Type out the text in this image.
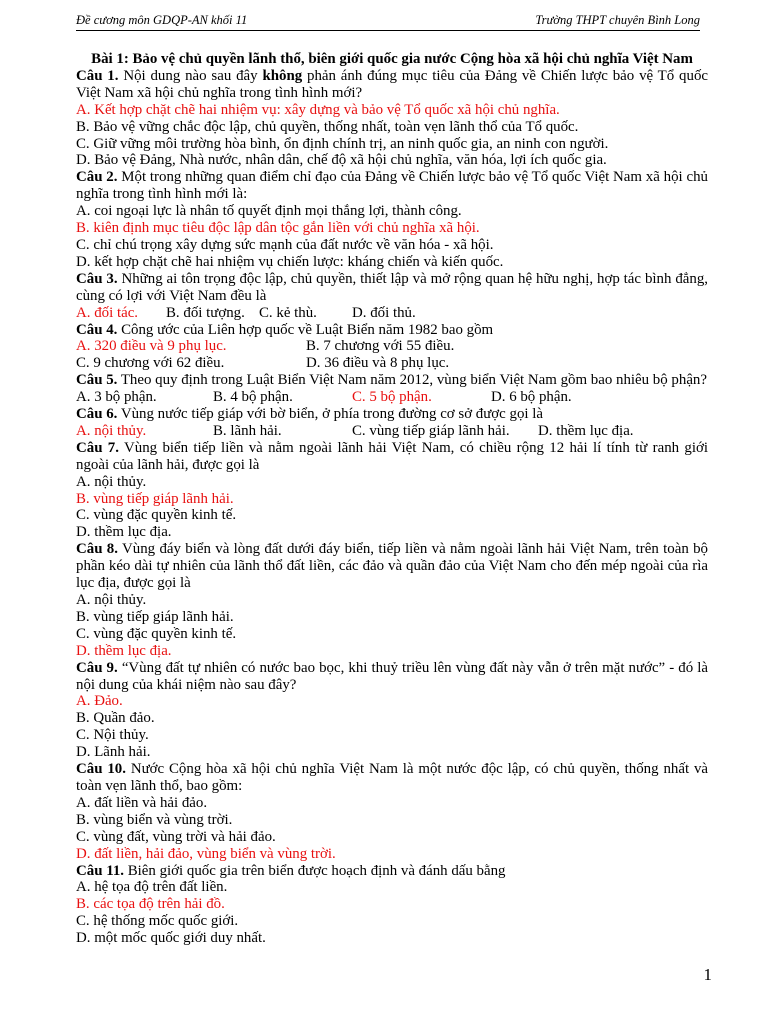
Đề cương môn GDQP-AN khối 11	Trường THPT chuyên Bình Long
Bài 1: Bảo vệ chủ quyền lãnh thổ, biên giới quốc gia nước Cộng hòa xã hội chủ nghĩa Việt Nam
Câu 1. Nội dung nào sau đây không phản ánh đúng mục tiêu của Đảng về Chiến lược bảo vệ Tổ quốc Việt Nam xã hội chủ nghĩa trong tình hình mới?
A. Kết hợp chặt chẽ hai nhiệm vụ: xây dựng và bảo vệ Tổ quốc xã hội chủ nghĩa.
B. Bảo vệ vững chắc độc lập, chủ quyền, thống nhất, toàn vẹn lãnh thổ của Tổ quốc.
C. Giữ vững môi trường hòa bình, ổn định chính trị, an ninh quốc gia, an ninh con người.
D. Bảo vệ Đảng, Nhà nước, nhân dân, chế độ xã hội chủ nghĩa, văn hóa, lợi ích quốc gia.
Câu 2. Một trong những quan điểm chỉ đạo của Đảng về Chiến lược bảo vệ Tổ quốc Việt Nam xã hội chủ nghĩa trong tình hình mới là:
A. coi ngoại lực là nhân tố quyết định mọi thắng lợi, thành công.
B. kiên định mục tiêu độc lập dân tộc gắn liền với chủ nghĩa xã hội.
C. chỉ chú trọng xây dựng sức mạnh của đất nước về văn hóa - xã hội.
D. kết hợp chặt chẽ hai nhiệm vụ chiến lược: kháng chiến và kiến quốc.
Câu 3. Những ai tôn trọng độc lập, chủ quyền, thiết lập và mở rộng quan hệ hữu nghị, hợp tác bình đẳng, cùng có lợi với Việt Nam đều là
A. đối tác.	B. đối tượng. C. kẻ thù.	D. đối thủ.
Câu 4. Công ước của Liên hợp quốc về Luật Biển năm 1982 bao gồm
A. 320 điều và 9 phụ lục.	B. 7 chương với 55 điều.
C. 9 chương với 62 điều.	D. 36 điều và 8 phụ lục.
Câu 5. Theo quy định trong Luật Biển Việt Nam năm 2012, vùng biển Việt Nam gồm bao nhiêu bộ phận?
A. 3 bộ phận.	B. 4 bộ phận.	C. 5 bộ phận.	D. 6 bộ phận.
Câu 6. Vùng nước tiếp giáp với bờ biển, ở phía trong đường cơ sở được gọi là
A. nội thủy.	B. lãnh hải.	C. vùng tiếp giáp lãnh hải.	D. thềm lục địa.
Câu 7. Vùng biển tiếp liền và nằm ngoài lãnh hải Việt Nam, có chiều rộng 12 hải lí tính từ ranh giới ngoài của lãnh hải, được gọi là
A. nội thủy.
B. vùng tiếp giáp lãnh hải.
C. vùng đặc quyền kinh tế.
D. thềm lục địa.
Câu 8. Vùng đáy biển và lòng đất dưới đáy biển, tiếp liền và nằm ngoài lãnh hải Việt Nam, trên toàn bộ phần kéo dài tự nhiên của lãnh thổ đất liền, các đảo và quần đảo của Việt Nam cho đến mép ngoài của rìa lục địa, được gọi là
A. nội thủy.
B. vùng tiếp giáp lãnh hải.
C. vùng đặc quyền kinh tế.
D. thềm lục địa.
Câu 9. “Vùng đất tự nhiên có nước bao bọc, khi thuỷ triều lên vùng đất này vẫn ở trên mặt nước” - đó là nội dung của khái niệm nào sau đây?
A. Đảo.
B. Quần đảo.
C. Nội thủy.
D. Lãnh hải.
Câu 10. Nước Cộng hòa xã hội chủ nghĩa Việt Nam là một nước độc lập, có chủ quyền, thống nhất và toàn vẹn lãnh thổ, bao gồm:
A. đất liền và hải đảo.
B. vùng biển và vùng trời.
C. vùng đất, vùng trời và hải đảo.
D. đất liền, hải đảo, vùng biển và vùng trời.
Câu 11. Biên giới quốc gia trên biển được hoạch định và đánh dấu bằng
A. hệ tọa độ trên đất liền.
B. các tọa độ trên hải đồ.
C. hệ thống mốc quốc giới.
D. một mốc quốc giới duy nhất.
1
